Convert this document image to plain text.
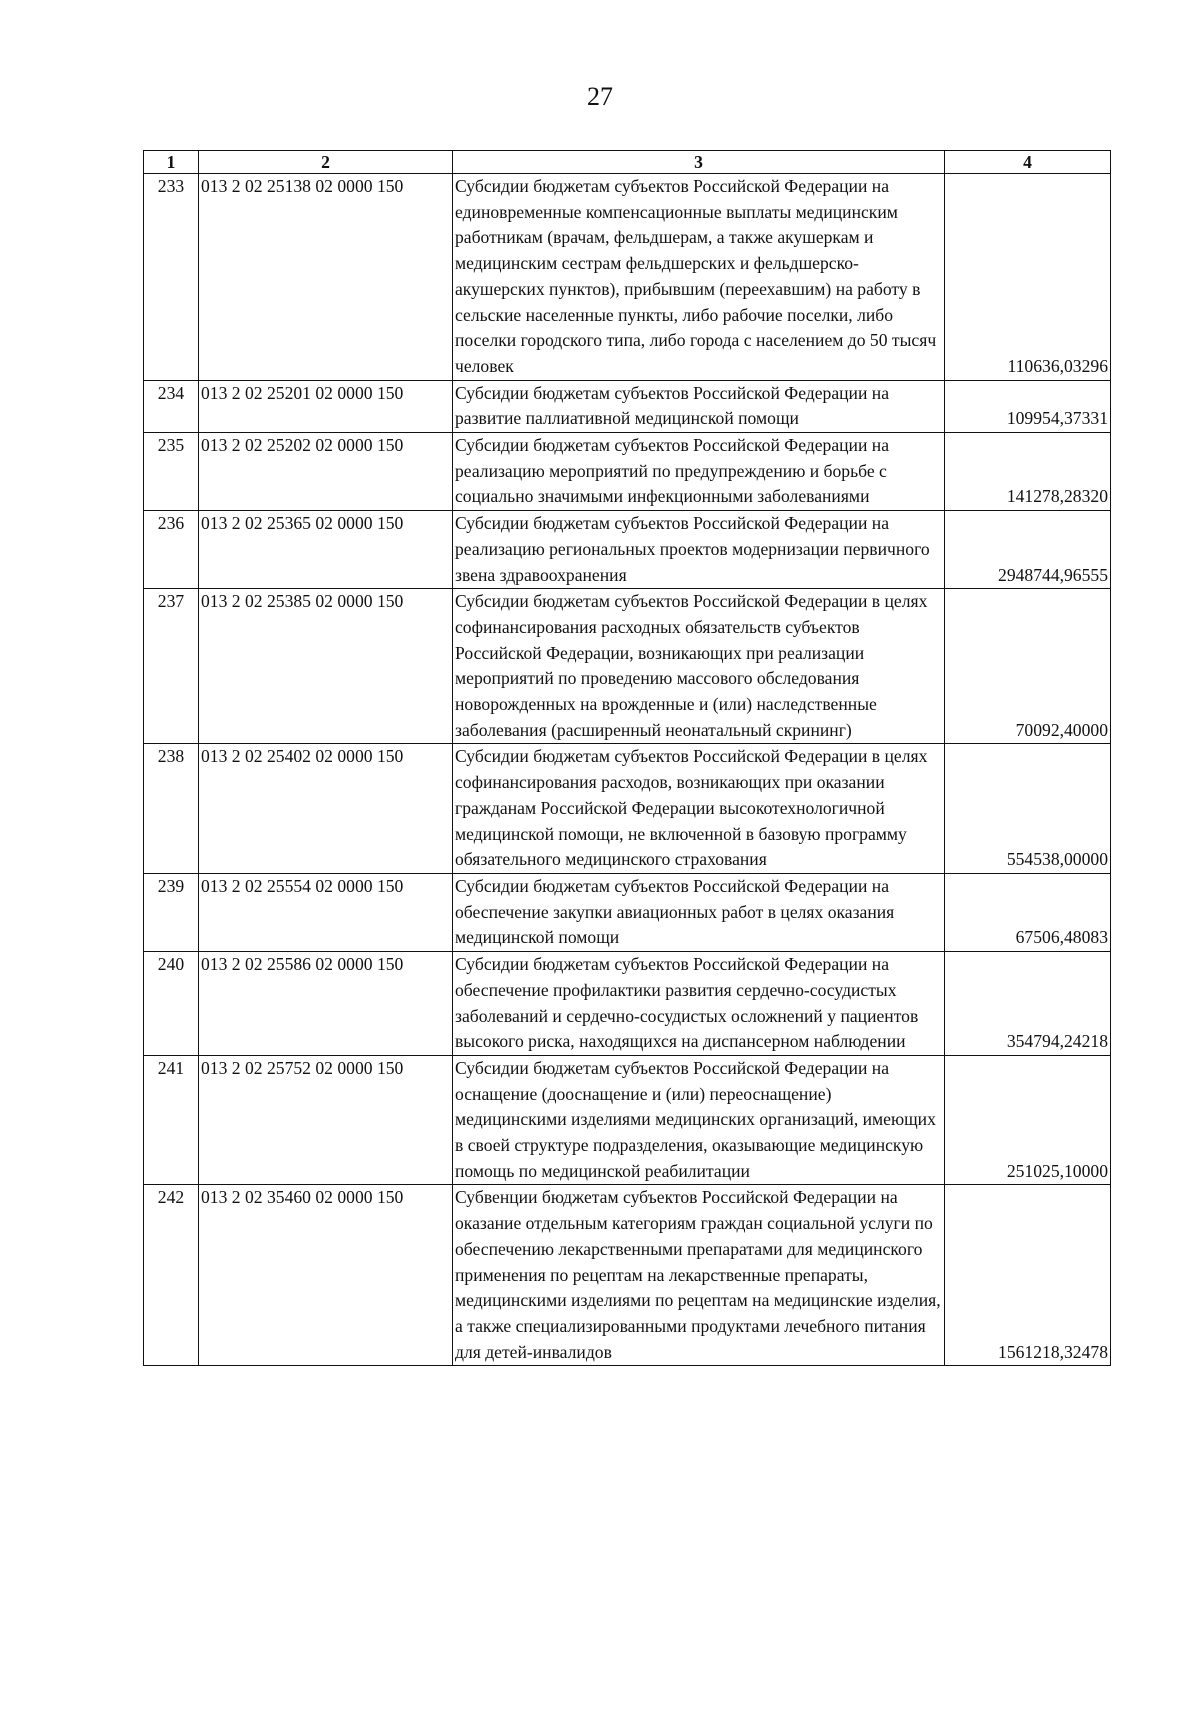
27
1	2	3	4
233	013 2 02 25138 02 0000 150	Субсидии бюджетам субъектов Российской Федерации на единовременные компенсационные выплаты медицинским работникам (врачам, фельдшерам, а также акушеркам и медицинским сестрам фельдшерских и фельдшерско-акушерских пунктов), прибывшим (переехавшим) на работу в сельские населенные пункты, либо рабочие поселки, либо поселки городского типа, либо города с населением до 50 тысяч человек	110636,03296
234	013 2 02 25201 02 0000 150	Субсидии бюджетам субъектов Российской Федерации на развитие паллиативной медицинской помощи	109954,37331
235	013 2 02 25202 02 0000 150	Субсидии бюджетам субъектов Российской Федерации на реализацию мероприятий по предупреждению и борьбе с социально значимыми инфекционными заболеваниями	141278,28320
236	013 2 02 25365 02 0000 150	Субсидии бюджетам субъектов Российской Федерации на реализацию региональных проектов модернизации первичного звена здравоохранения	2948744,96555
237	013 2 02 25385 02 0000 150	Субсидии бюджетам субъектов Российской Федерации в целях софинансирования расходных обязательств субъектов Российской Федерации, возникающих при реализации мероприятий по проведению массового обследования новорожденных на врожденные и (или) наследственные заболевания (расширенный неонатальный скрининг)	70092,40000
238	013 2 02 25402 02 0000 150	Субсидии бюджетам субъектов Российской Федерации в целях софинансирования расходов, возникающих при оказании гражданам Российской Федерации высокотехнологичной медицинской помощи, не включенной в базовую программу обязательного медицинского страхования	554538,00000
239	013 2 02 25554 02 0000 150	Субсидии бюджетам субъектов Российской Федерации на обеспечение закупки авиационных работ в целях оказания медицинской помощи	67506,48083
240	013 2 02 25586 02 0000 150	Субсидии бюджетам субъектов Российской Федерации на обеспечение профилактики развития сердечно-сосудистых заболеваний и сердечно-сосудистых осложнений у пациентов высокого риска, находящихся на диспансерном наблюдении	354794,24218
241	013 2 02 25752 02 0000 150	Субсидии бюджетам субъектов Российской Федерации на оснащение (дооснащение и (или) переоснащение) медицинскими изделиями медицинских организаций, имеющих в своей структуре подразделения, оказывающие медицинскую помощь по медицинской реабилитации	251025,10000
242	013 2 02 35460 02 0000 150	Субвенции бюджетам субъектов Российской Федерации на оказание отдельным категориям граждан социальной услуги по обеспечению лекарственными препаратами для медицинского применения по рецептам на лекарственные препараты, медицинскими изделиями по рецептам на медицинские изделия, а также специализированными продуктами лечебного питания для детей-инвалидов	1561218,32478
